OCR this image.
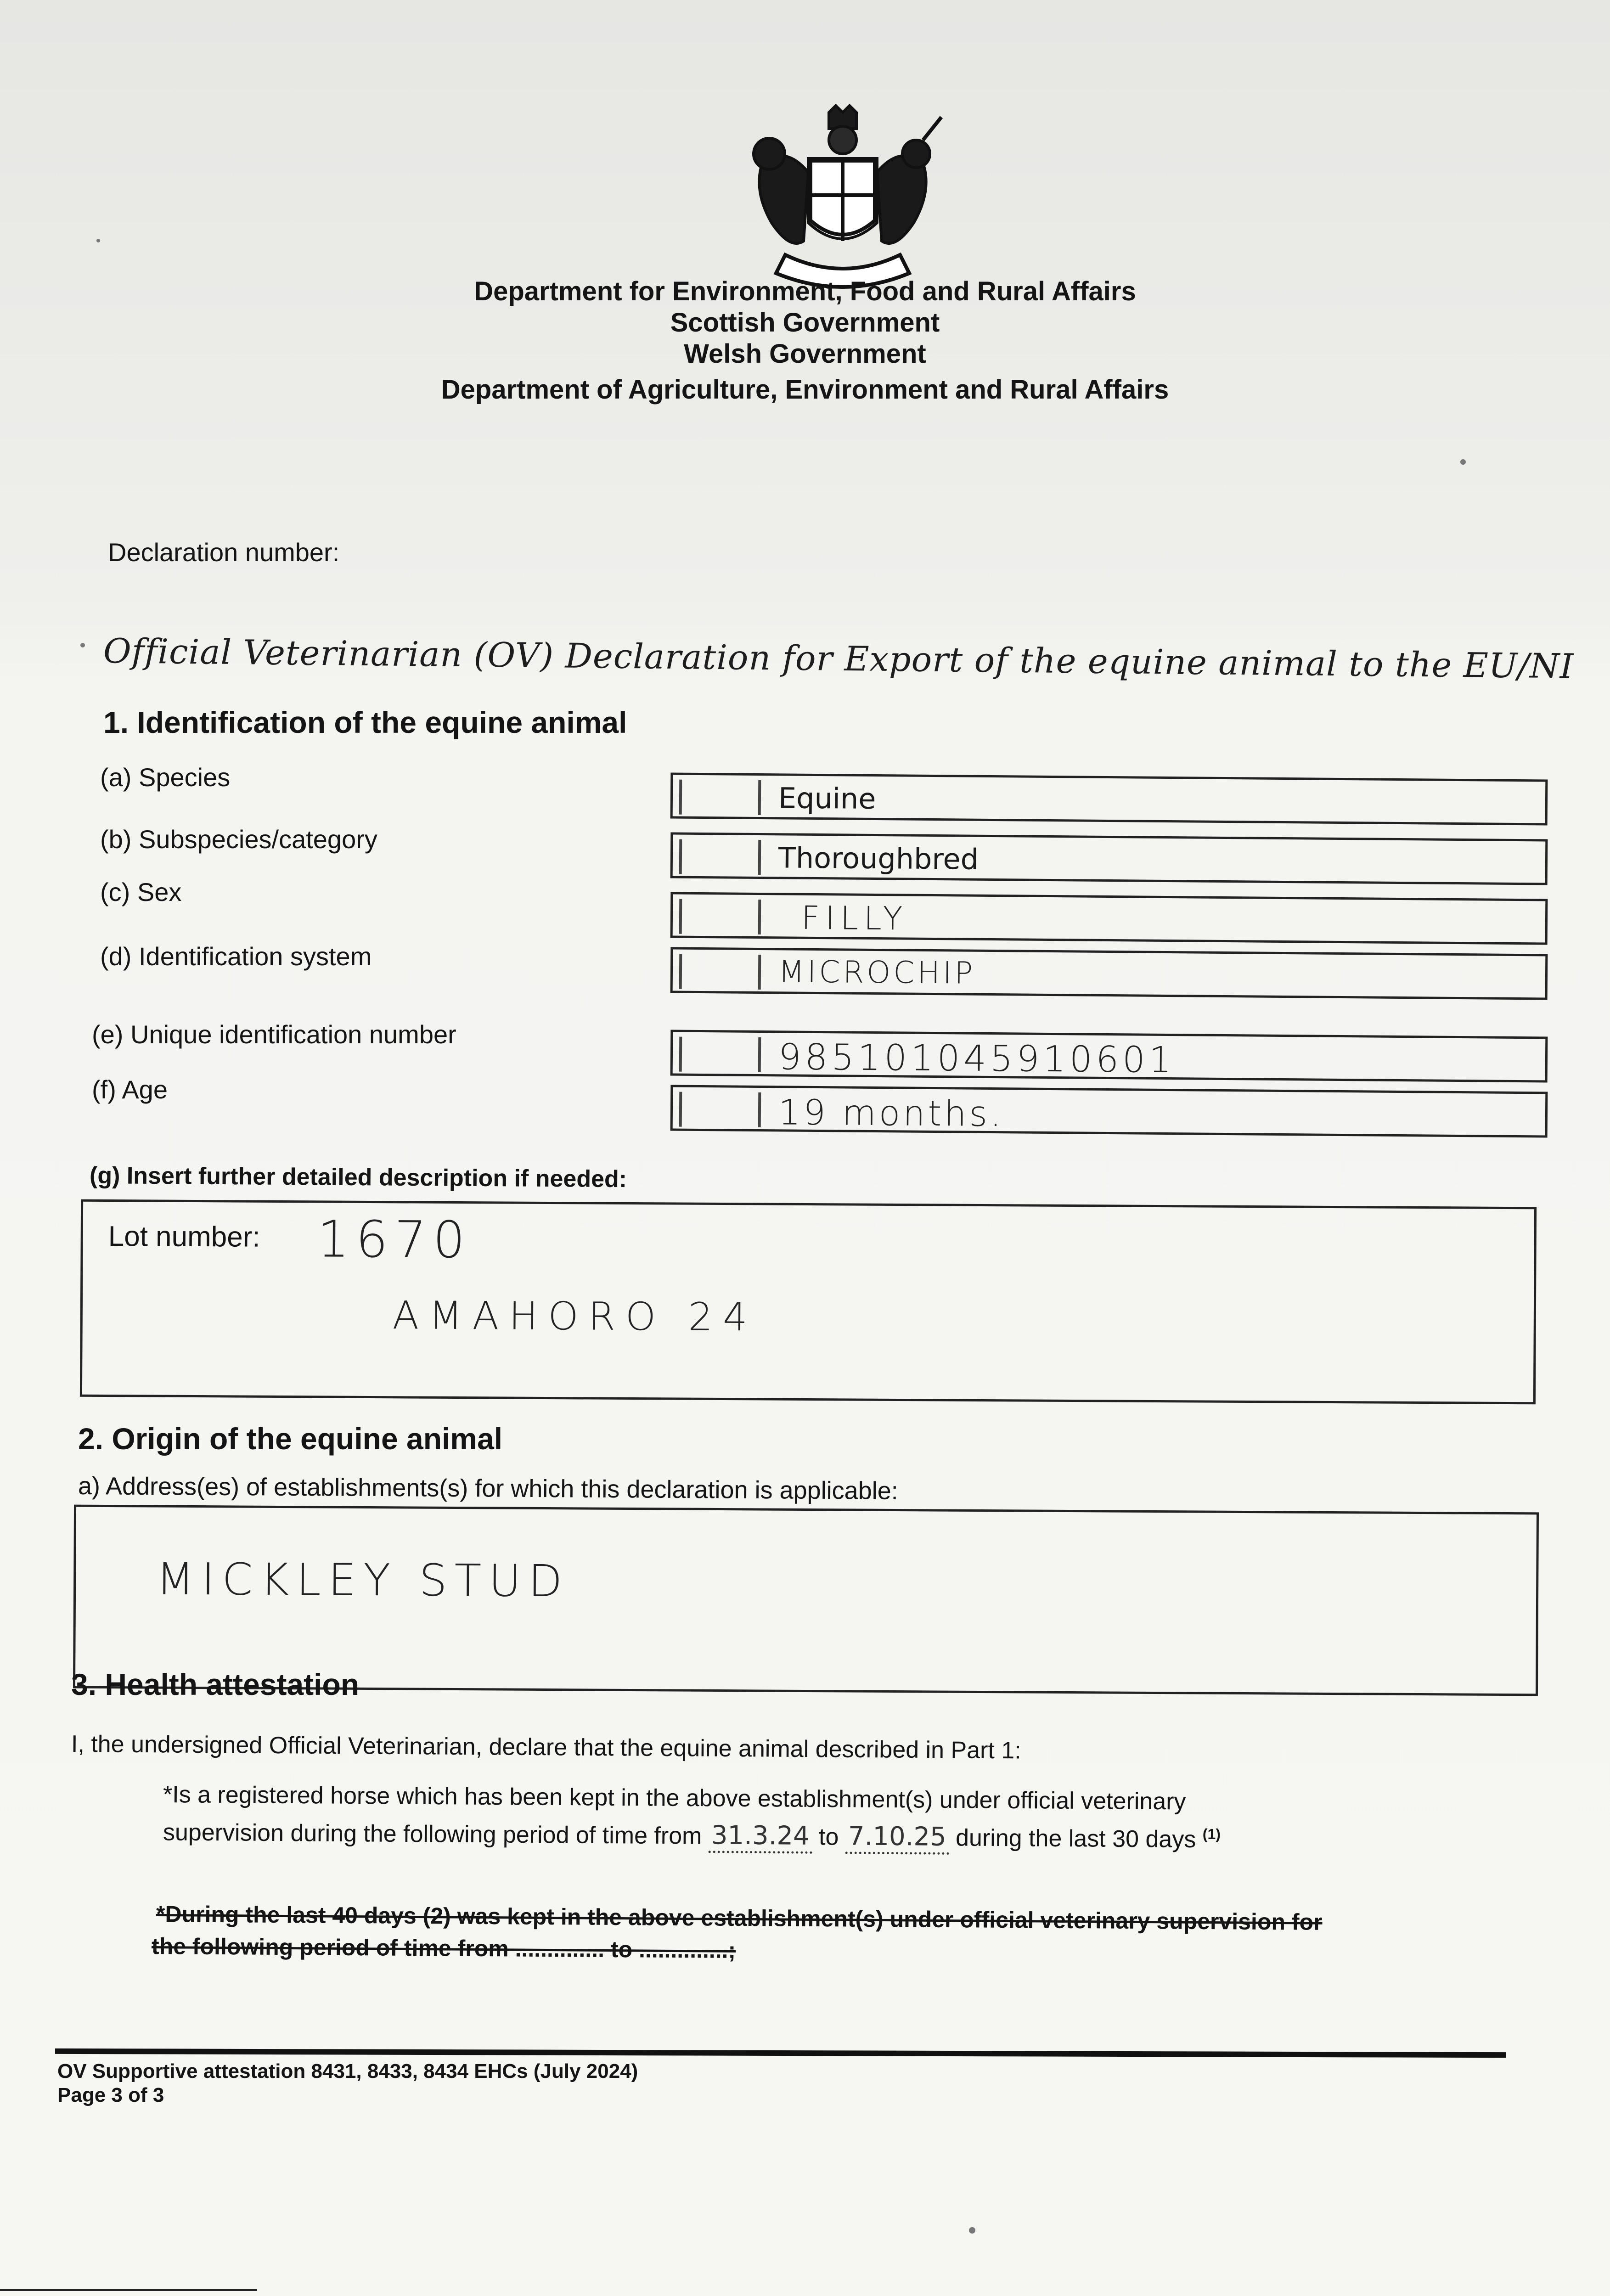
Department for Environment, Food and Rural Affairs
Scottish Government
Welsh Government
Department of Agriculture, Environment and Rural Affairs
Declaration number:
Official Veterinarian (OV) Declaration for Export of the equine animal to the EU/NI
1. Identification of the equine animal
(a) Species
(b) Subspecies/category
(c) Sex
(d) Identification system
(e) Unique identification number
(f) Age
Equine
Thoroughbred
FILLY
MICROCHIP
985101045910601
19 months.
(g) Insert further detailed description if needed:
Lot number: 1670
AMAHORO 24
2. Origin of the equine animal
a) Address(es) of establishments(s) for which this declaration is applicable:
MICKLEY STUD
3. Health attestation
I, the undersigned Official Veterinarian, declare that the equine animal described in Part 1:
*Is a registered horse which has been kept in the above establishment(s) under official veterinary
supervision during the following period of time from 31.3.24 to 7.10.25 during the last 30 days $^{(1)}$
*During the last 40 days (2) was kept in the above establishment(s) under official veterinary supervision for
the following period of time from .............. to ..............;
OV Supportive attestation 8431, 8433, 8434 EHCs (July 2024)
Page 3 of 3
